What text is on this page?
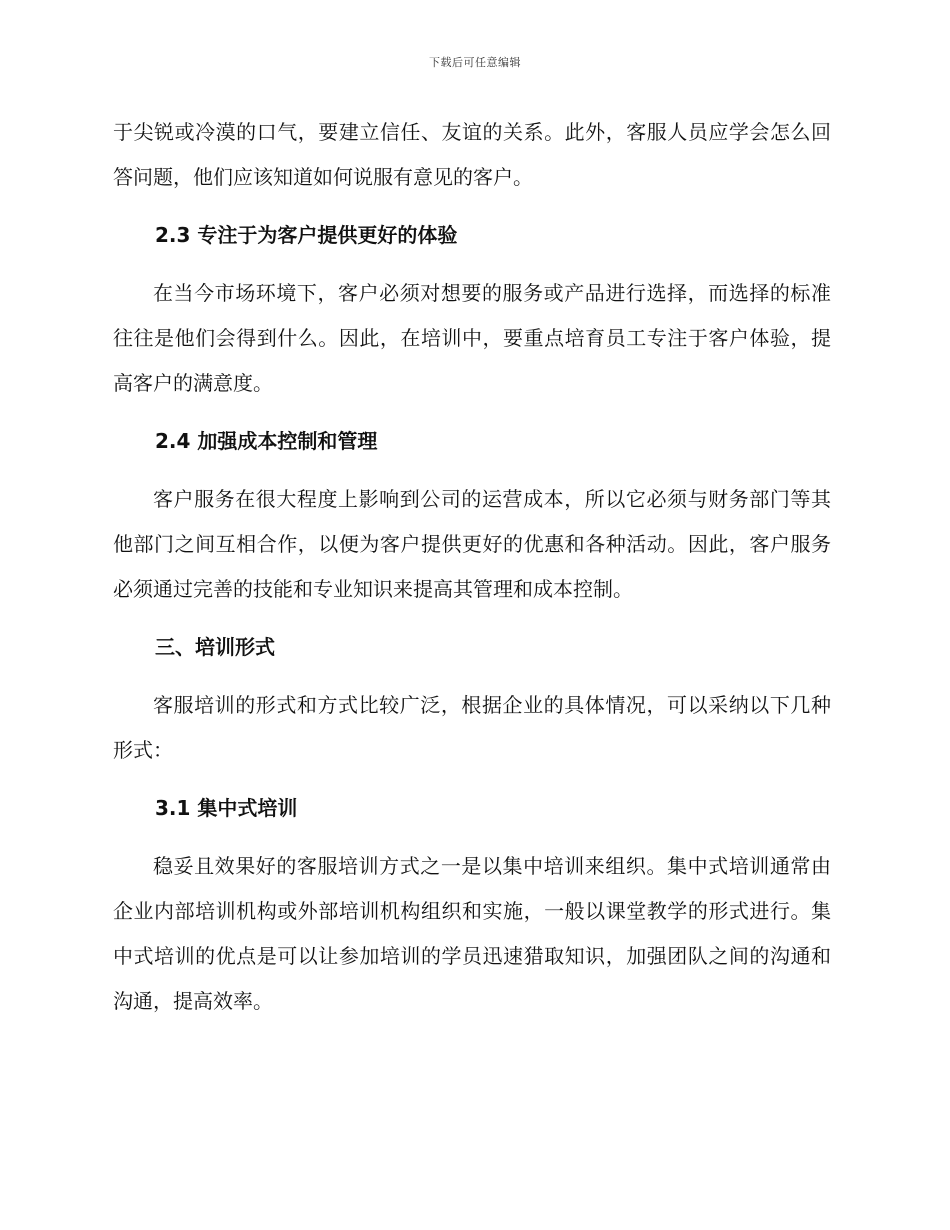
下载后可任意编辑

于尖锐或冷漠的口气，要建立信任、友谊的关系。此外，客服人员应学会怎么回答问题，他们应该知道如何说服有意见的客户。

2.3 专注于为客户提供更好的体验

在当今市场环境下，客户必须对想要的服务或产品进行选择，而选择的标准往往是他们会得到什么。因此，在培训中，要重点培育员工专注于客户体验，提高客户的满意度。

2.4 加强成本控制和管理

客户服务在很大程度上影响到公司的运营成本，所以它必须与财务部门等其他部门之间互相合作，以便为客户提供更好的优惠和各种活动。因此，客户服务必须通过完善的技能和专业知识来提高其管理和成本控制。

三、培训形式

客服培训的形式和方式比较广泛，根据企业的具体情况，可以采纳以下几种形式：

3.1 集中式培训

稳妥且效果好的客服培训方式之一是以集中培训来组织。集中式培训通常由企业内部培训机构或外部培训机构组织和实施，一般以课堂教学的形式进行。集中式培训的优点是可以让参加培训的学员迅速猎取知识，加强团队之间的沟通和沟通，提高效率。
